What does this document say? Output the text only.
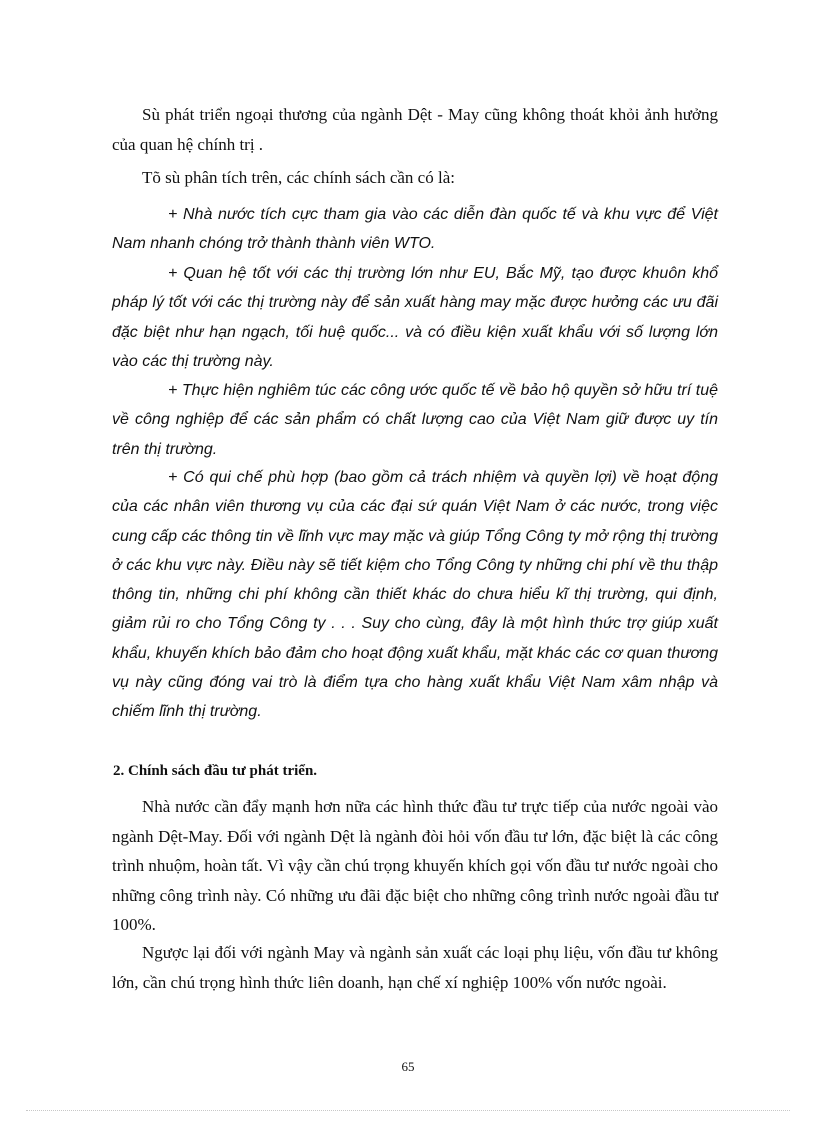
Sù phát triển ngoại thương của ngành Dệt - May cũng không thoát khỏi ảnh hưởng của quan hệ chính trị .

Tõ sù phân tích trên, các chính sách cần có là:

+ Nhà nước tích cực tham gia vào các diễn đàn quốc tế và khu vực để Việt Nam nhanh chóng trở thành thành viên WTO.

+ Quan hệ tốt với các thị trường lớn như EU, Bắc Mỹ, tạo được khuôn khổ pháp lý tốt với các thị trường này để sản xuất hàng may mặc được hưởng các ưu đãi đặc biệt như hạn ngạch, tối huệ quốc... và có điều kiện xuất khẩu với số lượng lớn vào các thị trường này.

+ Thực hiện nghiêm túc các công ước quốc tế về bảo hộ quyền sở hữu trí tuệ về công nghiệp để các sản phẩm có chất lượng cao của Việt Nam giữ được uy tín trên thị trường.

+ Có qui chế phù hợp (bao gồm cả trách nhiệm và quyền lợi) về hoạt động của các nhân viên thương vụ của các đại sứ quán Việt Nam ở các nước, trong việc cung cấp các thông tin về lĩnh vực may mặc và giúp Tổng Công ty mở rộng thị trường ở các khu vực này. Điều này sẽ tiết kiệm cho Tổng Công ty những chi phí về thu thập thông tin, những chi phí không cần thiết khác do chưa hiểu kĩ thị trường, qui định, giảm rủi ro cho Tổng Công ty . . . Suy cho cùng, đây là một hình thức trợ giúp xuất khẩu, khuyến khích bảo đảm cho hoạt động xuất khẩu, mặt khác các cơ quan thương vụ này cũng đóng vai trò là điểm tựa cho hàng xuất khẩu Việt Nam xâm nhập và chiếm lĩnh thị trường.

2. Chính sách đầu tư phát triển.

Nhà nước cần đẩy mạnh hơn nữa các hình thức đầu tư trực tiếp của nước ngoài vào ngành Dệt-May. Đối với ngành Dệt là ngành đòi hỏi vốn đầu tư lớn, đặc biệt là các công trình nhuộm, hoàn tất. Vì vậy cần chú trọng khuyến khích gọi vốn đầu tư nước ngoài cho những công trình này. Có những ưu đãi đặc biệt cho những công trình nước ngoài đầu tư 100%.

Ngược lại đối với ngành May và ngành sản xuất các loại phụ liệu, vốn đầu tư không lớn, cần chú trọng hình thức liên doanh, hạn chế xí nghiệp 100% vốn nước ngoài.

65
